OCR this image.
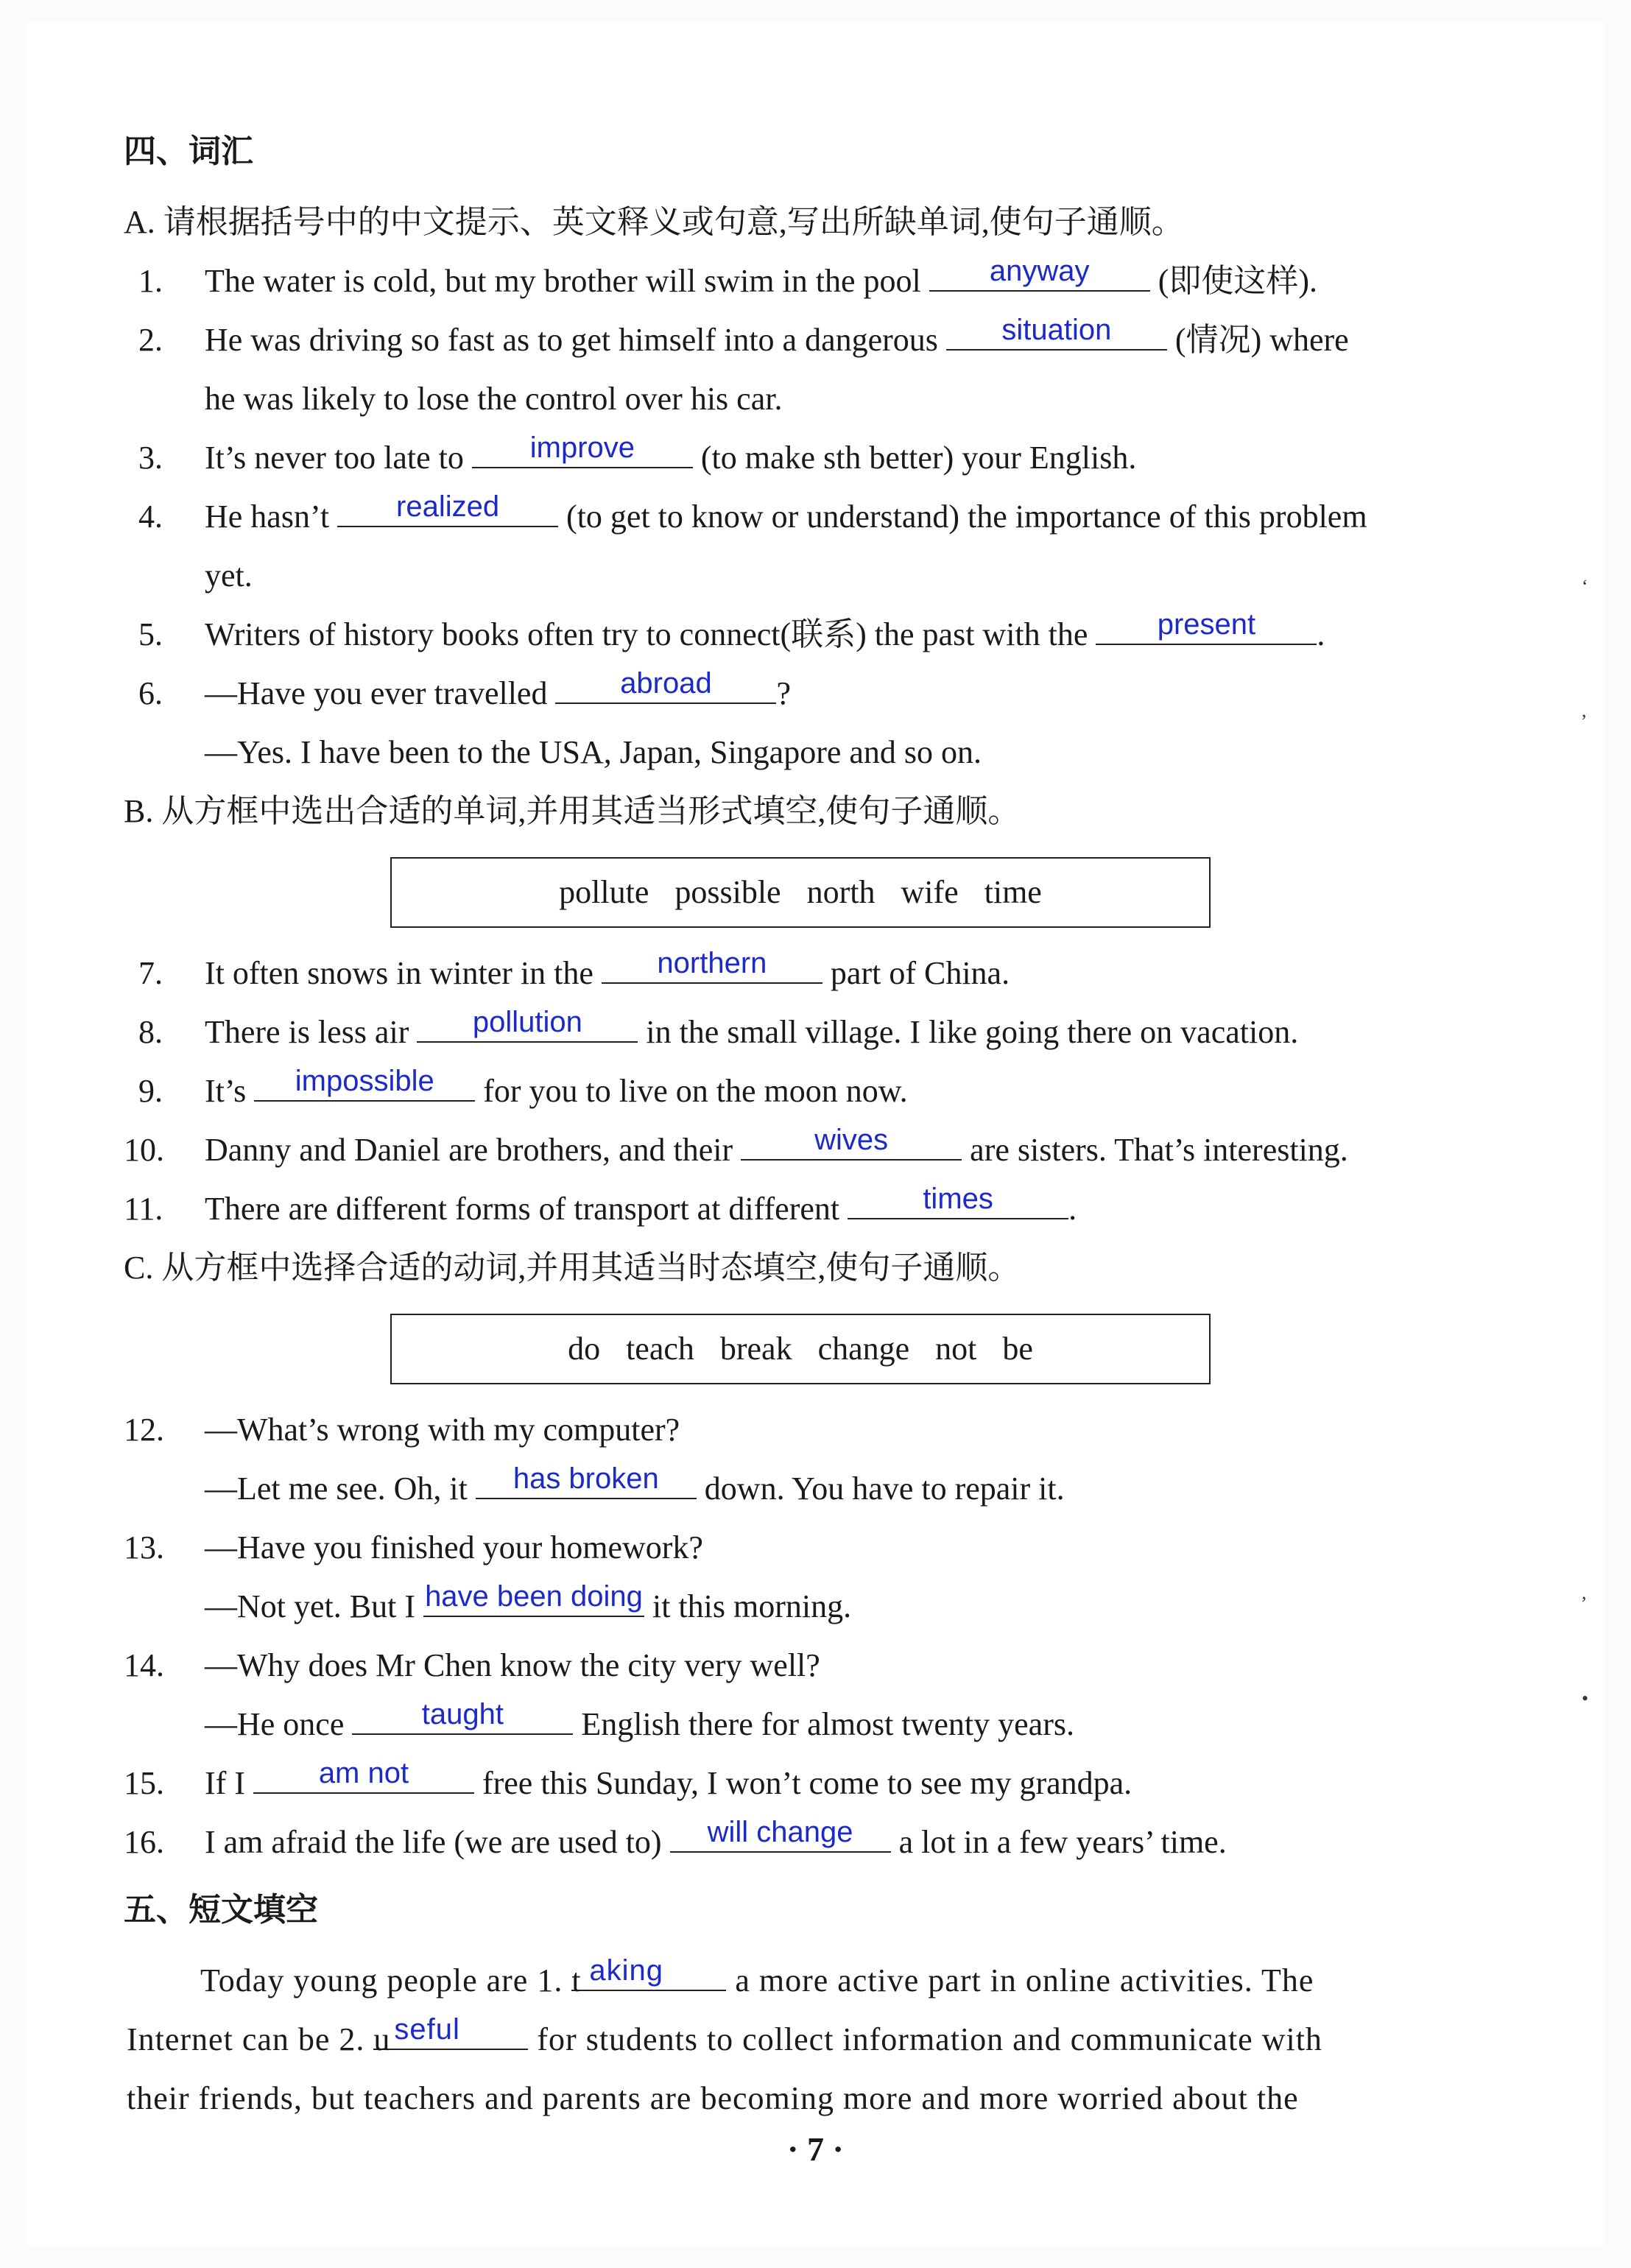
四、词汇
A. 请根据括号中的中文提示、英文释义或句意,写出所缺单词,使句子通顺。
1. The water is cold, but my brother will swim in the pool	anyway	(即使这样).
2. He was driving so fast as to get himself into a dangerous	situation	(情况) where
he was likely to lose the control over his car.
3. It’s never too late to	improve	(to make sth better) your English.
4. He hasn’t	realized	(to get to know or understand) the importance of this problem
yet.
5. Writers of history books often try to connect(联系) the past with the	present	.
6. —Have you ever travelled	abroad	?
—Yes. I have been to the USA, Japan, Singapore and so on.
B. 从方框中选出合适的单词,并用其适当形式填空,使句子通顺。
pollute possible north wife time
7. It often snows in winter in the	northern	part of China.
8. There is less air	pollution	in the small village. I like going there on vacation.
9. It’s	impossible	for you to live on the moon now.
10. Danny and Daniel are brothers, and their	wives	are sisters. That’s interesting.
11. There are different forms of transport at different	times	.
C. 从方框中选择合适的动词,并用其适当时态填空,使句子通顺。
do teach break change not be
12. —What’s wrong with my computer?
—Let me see. Oh, it	has broken	down. You have to repair it.
13. —Have you finished your homework?
—Not yet. But I have been doing it this morning.
14. —Why does Mr Chen know the city very well?
—He once	taught	English there for almost twenty years.
15. If I	am not	free this Sunday, I won’t come to see my grandpa.
16. I am afraid the life (we are used to)	will change	a lot in a few years’ time.
五、短文填空
Today young people are 1. t aking a more active part in online activities. The
Internet can be 2. u seful for students to collect information and communicate with
their friends, but teachers and parents are becoming more and more worried about the
‘
,
,
•
· 7 ·
